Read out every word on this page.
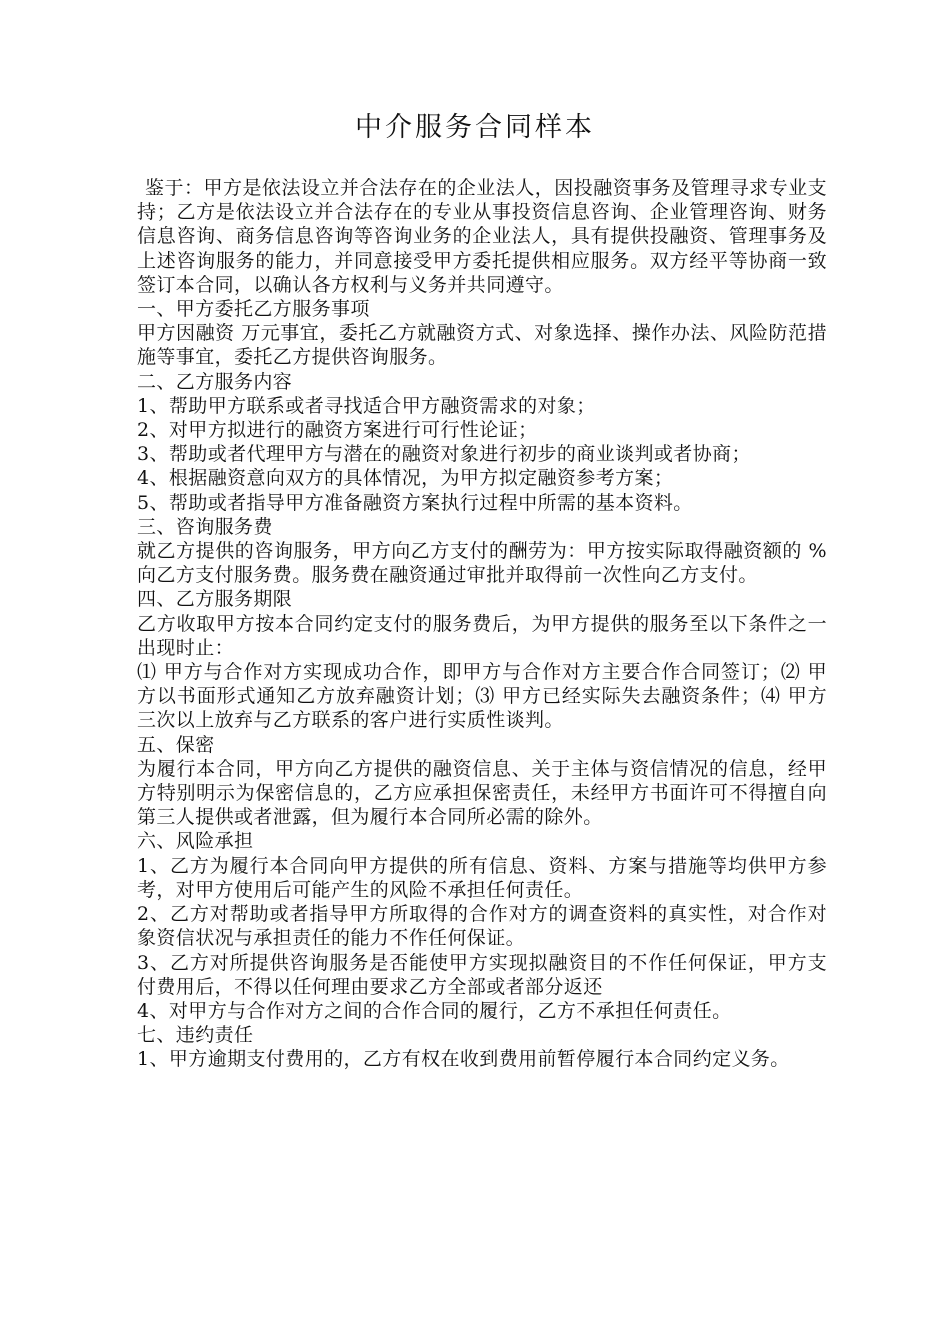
中介服务合同样本

鉴于：甲方是依法设立并合法存在的企业法人，因投融资事务及管理寻求专业支持；乙方是依法设立并合法存在的专业从事投资信息咨询、企业管理咨询、财务信息咨询、商务信息咨询等咨询业务的企业法人，具有提供投融资、管理事务及上述咨询服务的能力，并同意接受甲方委托提供相应服务。双方经平等协商一致签订本合同，以确认各方权利与义务并共同遵守。

一、甲方委托乙方服务事项

甲方因融资 万元事宜，委托乙方就融资方式、对象选择、操作办法、风险防范措施等事宜，委托乙方提供咨询服务。

二、乙方服务内容

1、帮助甲方联系或者寻找适合甲方融资需求的对象；

2、对甲方拟进行的融资方案进行可行性论证；

3、帮助或者代理甲方与潜在的融资对象进行初步的商业谈判或者协商；

4、根据融资意向双方的具体情况，为甲方拟定融资参考方案；

5、帮助或者指导甲方准备融资方案执行过程中所需的基本资料。

三、咨询服务费

就乙方提供的咨询服务，甲方向乙方支付的酬劳为：甲方按实际取得融资额的 %向乙方支付服务费。服务费在融资通过审批并取得前一次性向乙方支付。

四、乙方服务期限

乙方收取甲方按本合同约定支付的服务费后，为甲方提供的服务至以下条件之一出现时止：

⑴ 甲方与合作对方实现成功合作，即甲方与合作对方主要合作合同签订；⑵ 甲方以书面形式通知乙方放弃融资计划；⑶ 甲方已经实际失去融资条件；⑷ 甲方三次以上放弃与乙方联系的客户进行实质性谈判。

五、保密

为履行本合同，甲方向乙方提供的融资信息、关于主体与资信情况的信息，经甲方特别明示为保密信息的，乙方应承担保密责任，未经甲方书面许可不得擅自向第三人提供或者泄露，但为履行本合同所必需的除外。

六、风险承担

1、乙方为履行本合同向甲方提供的所有信息、资料、方案与措施等均供甲方参考，对甲方使用后可能产生的风险不承担任何责任。

2、乙方对帮助或者指导甲方所取得的合作对方的调查资料的真实性，对合作对象资信状况与承担责任的能力不作任何保证。

3、乙方对所提供咨询服务是否能使甲方实现拟融资目的不作任何保证，甲方支付费用后，不得以任何理由要求乙方全部或者部分返还

4、对甲方与合作对方之间的合作合同的履行，乙方不承担任何责任。

七、违约责任

1、甲方逾期支付费用的，乙方有权在收到费用前暂停履行本合同约定义务。
